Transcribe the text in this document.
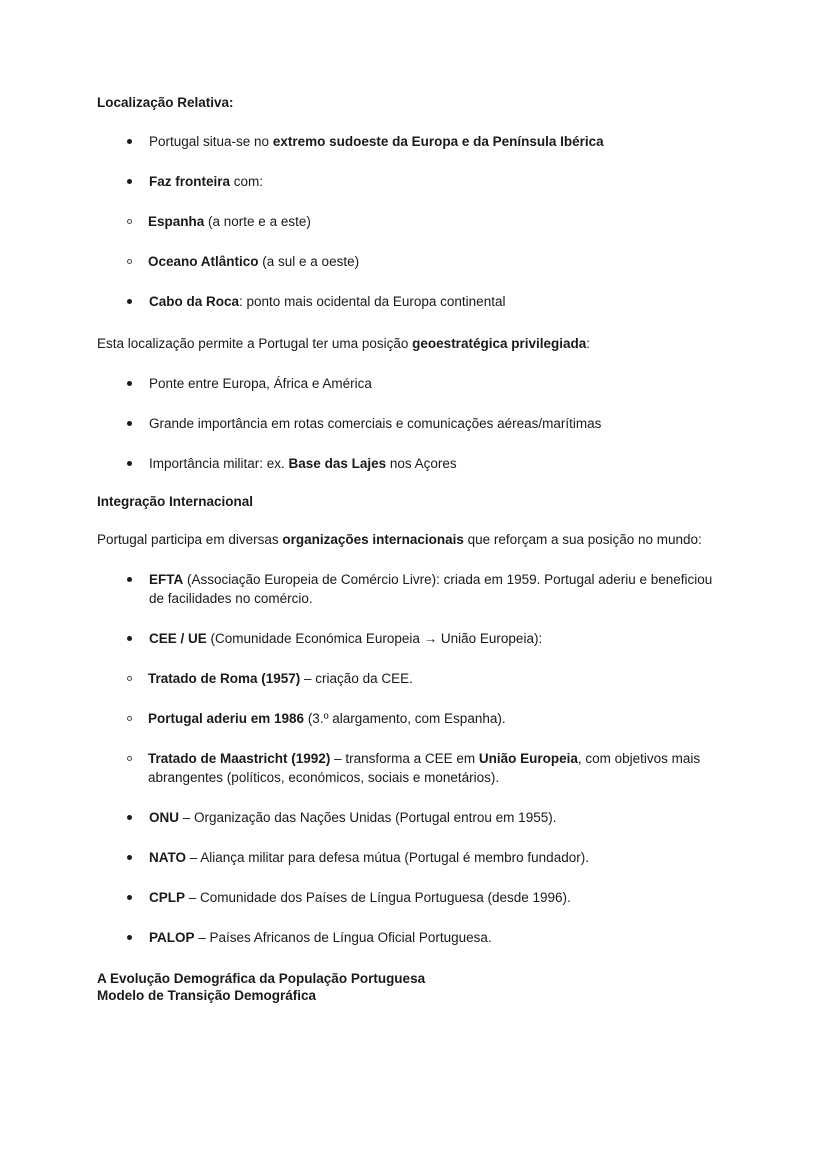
Localização Relativa:
Portugal situa-se no extremo sudoeste da Europa e da Península Ibérica
Faz fronteira com:
Espanha (a norte e a este)
Oceano Atlântico (a sul e a oeste)
Cabo da Roca: ponto mais ocidental da Europa continental

Esta localização permite a Portugal ter uma posição geoestratégica privilegiada:

Ponte entre Europa, África e América
Grande importância em rotas comerciais e comunicações aéreas/marítimas
Importância militar: ex. Base das Lajes nos Açores
Integração Internacional

Portugal participa em diversas organizações internacionais que reforçam a sua posição no mundo:

EFTA (Associação Europeia de Comércio Livre): criada em 1959. Portugal aderiu e beneficiou de facilidades no comércio.
CEE / UE (Comunidade Económica Europeia → União Europeia):
Tratado de Roma (1957) – criação da CEE.
Portugal aderiu em 1986 (3.º alargamento, com Espanha).
Tratado de Maastricht (1992) – transforma a CEE em União Europeia, com objetivos mais abrangentes (políticos, económicos, sociais e monetários).
ONU – Organização das Nações Unidas (Portugal entrou em 1955).
NATO – Aliança militar para defesa mútua (Portugal é membro fundador).
CPLP – Comunidade dos Países de Língua Portuguesa (desde 1996).
PALOP – Países Africanos de Língua Oficial Portuguesa.
A Evolução Demográfica da População Portuguesa
Modelo de Transição Demográfica
